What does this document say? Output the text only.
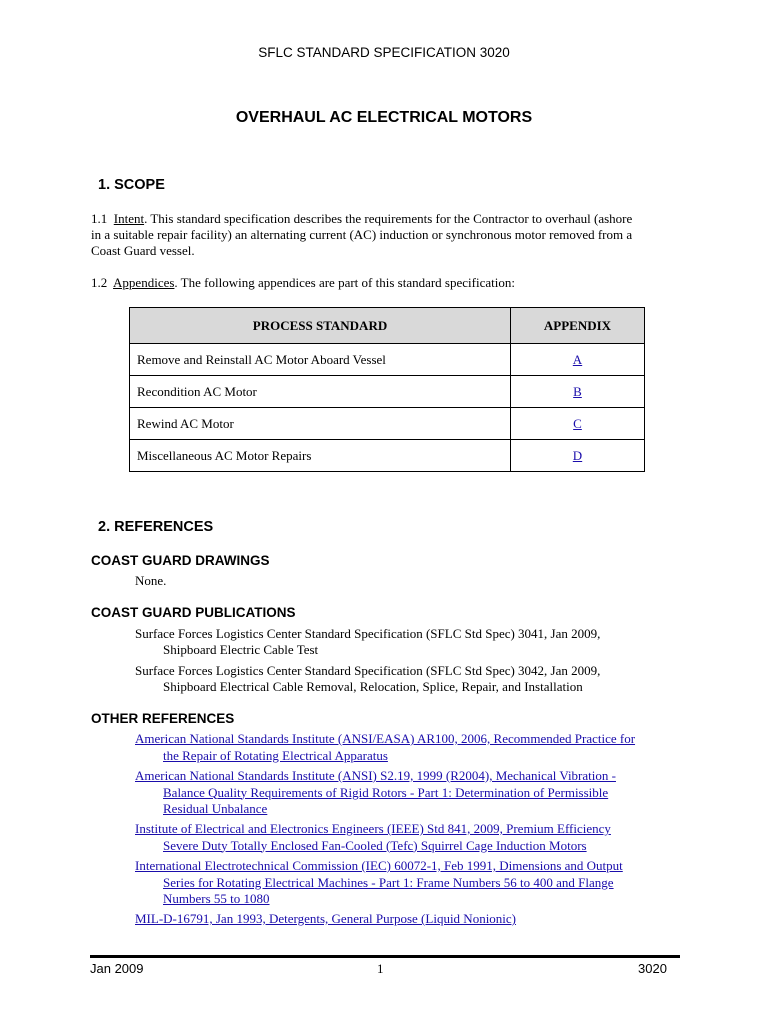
SFLC STANDARD SPECIFICATION 3020
OVERHAUL AC ELECTRICAL MOTORS
1. SCOPE
1.1 Intent. This standard specification describes the requirements for the Contractor to overhaul (ashore
in a suitable repair facility) an alternating current (AC) induction or synchronous motor removed from a
Coast Guard vessel.
1.2 Appendices. The following appendices are part of this standard specification:
PROCESS STANDARD	APPENDIX
Remove and Reinstall AC Motor Aboard Vessel	A
Recondition AC Motor	B
Rewind AC Motor	C
Miscellaneous AC Motor Repairs	D
2. REFERENCES
COAST GUARD DRAWINGS
None.
COAST GUARD PUBLICATIONS
Surface Forces Logistics Center Standard Specification (SFLC Std Spec) 3041, Jan 2009,
Shipboard Electric Cable Test
Surface Forces Logistics Center Standard Specification (SFLC Std Spec) 3042, Jan 2009,
Shipboard Electrical Cable Removal, Relocation, Splice, Repair, and Installation
OTHER REFERENCES
American National Standards Institute (ANSI/EASA) AR100, 2006, Recommended Practice for
the Repair of Rotating Electrical Apparatus
American National Standards Institute (ANSI) S2.19, 1999 (R2004), Mechanical Vibration -
Balance Quality Requirements of Rigid Rotors - Part 1: Determination of Permissible
Residual Unbalance
Institute of Electrical and Electronics Engineers (IEEE) Std 841, 2009, Premium Efficiency
Severe Duty Totally Enclosed Fan-Cooled (Tefc) Squirrel Cage Induction Motors
International Electrotechnical Commission (IEC) 60072-1, Feb 1991, Dimensions and Output
Series for Rotating Electrical Machines - Part 1: Frame Numbers 56 to 400 and Flange
Numbers 55 to 1080
MIL-D-16791, Jan 1993, Detergents, General Purpose (Liquid Nonionic)
Jan 2009	1	3020
